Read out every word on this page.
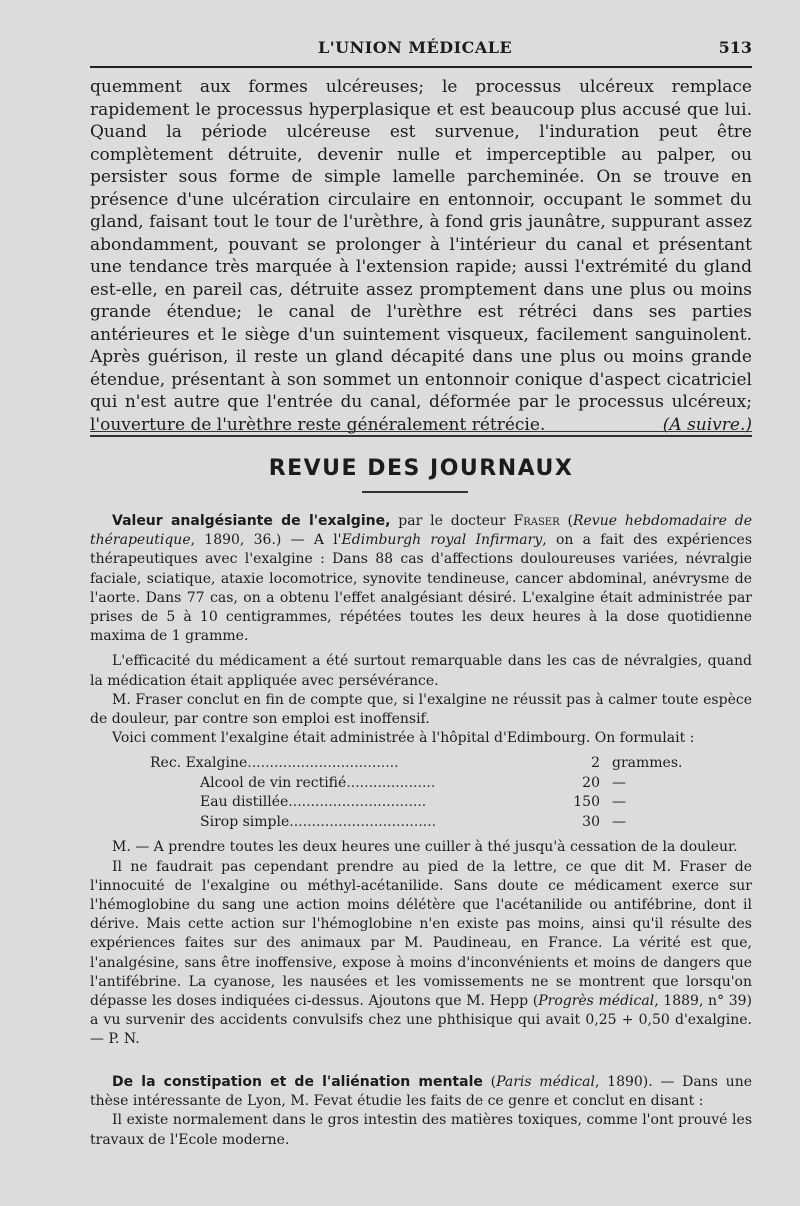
L'UNION MÉDICALE	513

quemment aux formes ulcéreuses; le processus ulcéreux remplace rapidement le processus hyperplasique et est beaucoup plus accusé que lui. Quand la période ulcéreuse est survenue, l'induration peut être complètement détruite, devenir nulle et imperceptible au palper, ou persister sous forme de simple lamelle parcheminée. On se trouve en présence d'une ulcération circulaire en entonnoir, occupant le sommet du gland, faisant tout le tour de l'urèthre, à fond gris jaunâtre, suppurant assez abondamment, pouvant se prolonger à l'intérieur du canal et présentant une tendance très marquée à l'extension rapide; aussi l'extrémité du gland est-elle, en pareil cas, détruite assez promptement dans une plus ou moins grande étendue; le canal de l'urèthre est rétréci dans ses parties antérieures et le siège d'un suintement visqueux, facilement sanguinolent. Après guérison, il reste un gland décapité dans une plus ou moins grande étendue, présentant à son sommet un entonnoir conique d'aspect cicatriciel qui n'est autre que l'entrée du canal, déformée par le processus ulcéreux; l'ouverture de l'urèthre reste généralement rétrécie.	(A suivre.)

REVUE DES JOURNAUX

Valeur analgésiante de l'exalgine, par le docteur Fraser (Revue hebdomadaire de thérapeutique, 1890, 36.) — A l'Edimburgh royal Infirmary, on a fait des expériences thérapeutiques avec l'exalgine : Dans 88 cas d'affections douloureuses variées, névralgie faciale, sciatique, ataxie locomotrice, synovite tendineuse, cancer abdominal, anévrysme de l'aorte. Dans 77 cas, on a obtenu l'effet analgésiant désiré. L'exalgine était administrée par prises de 5 à 10 centigrammes, répétées toutes les deux heures à la dose quotidienne maxima de 1 gramme.

L'efficacité du médicament a été surtout remarquable dans les cas de névralgies, quand la médication était appliquée avec persévérance.

M. Fraser conclut en fin de compte que, si l'exalgine ne réussit pas à calmer toute espèce de douleur, par contre son emploi est inoffensif.

Voici comment l'exalgine était administrée à l'hôpital d'Edimbourg. On formulait :

Rec. Exalgine..................................	2 grammes.
Alcool de vin rectifié....................	20 —
Eau distillée...............................	150 —
Sirop simple.................................	30 —

M. — A prendre toutes les deux heures une cuiller à thé jusqu'à cessation de la douleur.

Il ne faudrait pas cependant prendre au pied de la lettre, ce que dit M. Fraser de l'innocuité de l'exalgine ou méthyl-acétanilide. Sans doute ce médicament exerce sur l'hémoglobine du sang une action moins délétère que l'acétanilide ou antifébrine, dont il dérive. Mais cette action sur l'hémoglobine n'en existe pas moins, ainsi qu'il résulte des expériences faites sur des animaux par M. Paudineau, en France. La vérité est que, l'analgésine, sans être inoffensive, expose à moins d'inconvénients et moins de dangers que l'antifébrine. La cyanose, les nausées et les vomissements ne se montrent que lorsqu'on dépasse les doses indiquées ci-dessus. Ajoutons que M. Hepp (Progrès médical, 1889, n° 39) a vu survenir des accidents convulsifs chez une phthisique qui avait 0,25 + 0,50 d'exalgine. — P. N.

De la constipation et de l'aliénation mentale (Paris médical, 1890). — Dans une thèse intéressante de Lyon, M. Fevat étudie les faits de ce genre et conclut en disant :

Il existe normalement dans le gros intestin des matières toxiques, comme l'ont prouvé les travaux de l'Ecole moderne.
